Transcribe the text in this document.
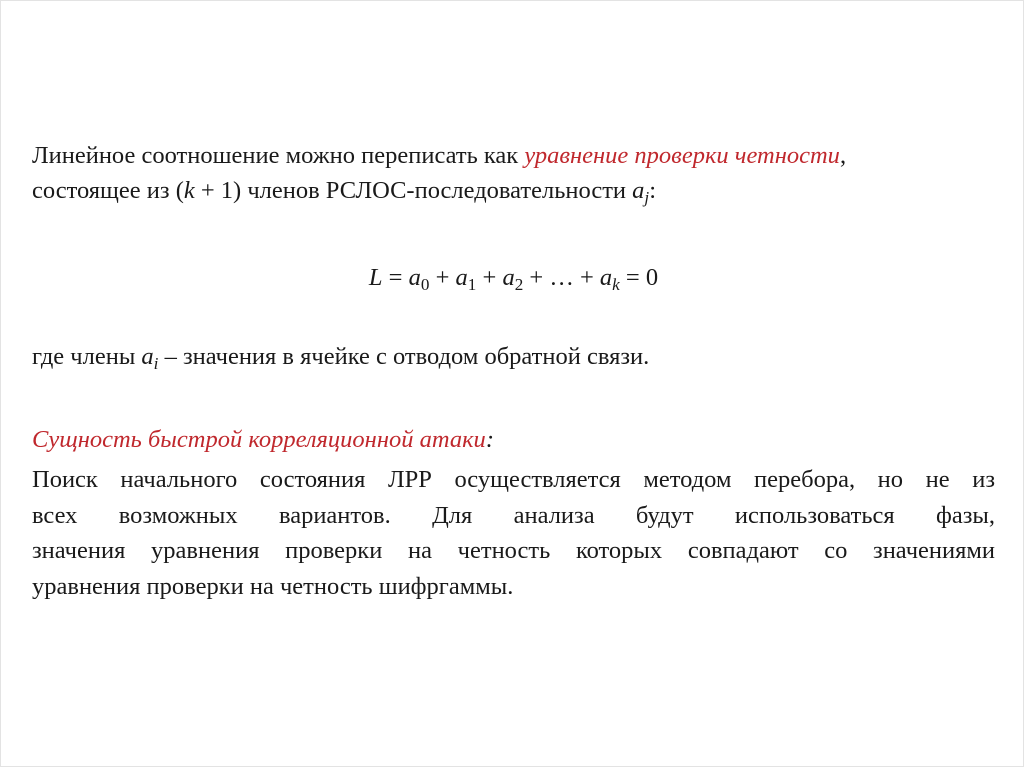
Линейное соотношение можно переписать как уравнение проверки четности,
состоящее из (k + 1) членов РСЛОС-последовательности $a_j$:

$L = a_0 + a_1 + a_2$ + … + $a_k = 0$

где члены $a_i$ – значения в ячейке с отводом обратной связи.

Сущность быстрой корреляционной атаки:

Поиск начального состояния ЛРР осуществляется методом перебора, но не из
всех возможных вариантов. Для анализа будут использоваться фазы,
значения уравнения проверки на четность которых совпадают со значениями
уравнения проверки на четность шифргаммы.
